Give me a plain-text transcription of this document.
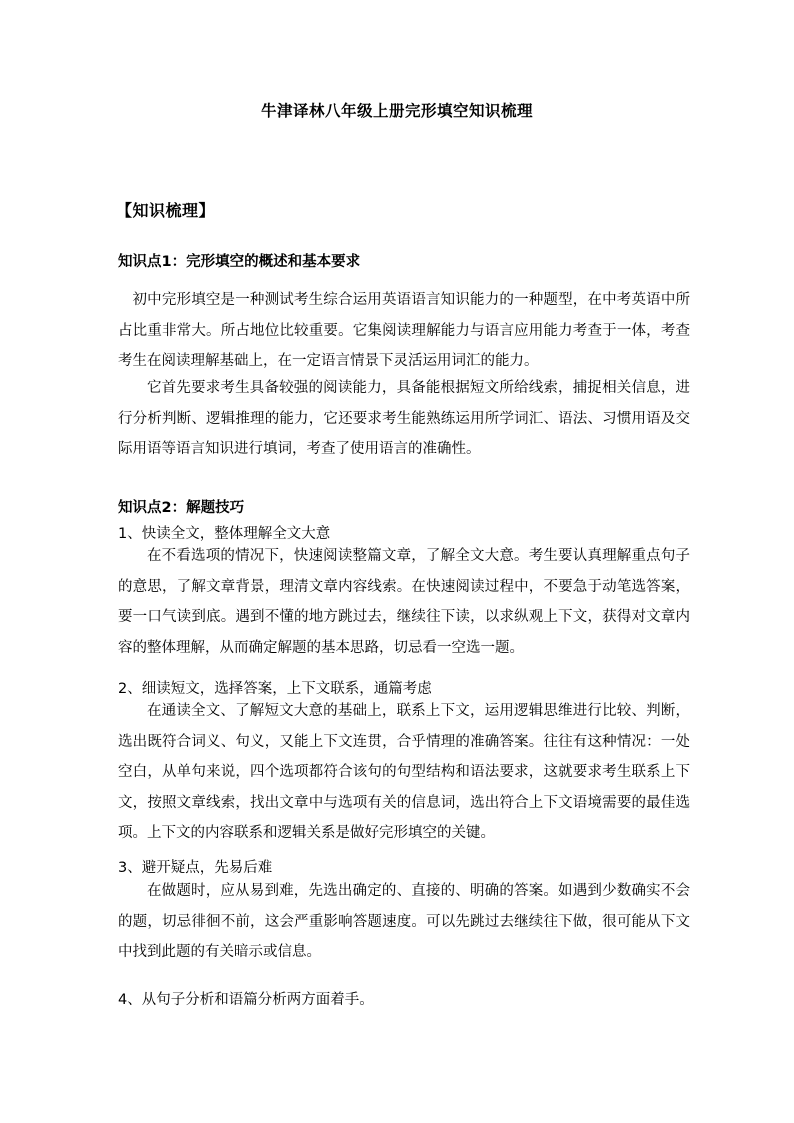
牛津译林八年级上册完形填空知识梳理
【知识梳理】
知识点1：完形填空的概述和基本要求

初中完形填空是一种测试考生综合运用英语语言知识能力的一种题型，在中考英语中所占比重非常大。所占地位比较重要。它集阅读理解能力与语言应用能力考查于一体，考查考生在阅读理解基础上，在一定语言情景下灵活运用词汇的能力。

它首先要求考生具备较强的阅读能力，具备能根据短文所给线索，捕捉相关信息，进行分析判断、逻辑推理的能力，它还要求考生能熟练运用所学词汇、语法、习惯用语及交际用语等语言知识进行填词，考查了使用语言的准确性。

知识点2：解题技巧

1、快读全文，整体理解全文大意

在不看选项的情况下，快速阅读整篇文章，了解全文大意。考生要认真理解重点句子的意思，了解文章背景，理清文章内容线索。在快速阅读过程中，不要急于动笔选答案，要一口气读到底。遇到不懂的地方跳过去，继续往下读，以求纵观上下文，获得对文章内容的整体理解，从而确定解题的基本思路，切忌看一空选一题。

2、细读短文，选择答案，上下文联系，通篇考虑

在通读全文、了解短文大意的基础上，联系上下文，运用逻辑思维进行比较、判断，选出既符合词义、句义，又能上下文连贯，合乎情理的准确答案。往往有这种情况：一处空白，从单句来说，四个选项都符合该句的句型结构和语法要求，这就要求考生联系上下文，按照文章线索，找出文章中与选项有关的信息词，选出符合上下文语境需要的最佳选项。上下文的内容联系和逻辑关系是做好完形填空的关键。

3、避开疑点，先易后难

在做题时，应从易到难，先选出确定的、直接的、明确的答案。如遇到少数确实不会的题，切忌徘徊不前，这会严重影响答题速度。可以先跳过去继续往下做，很可能从下文中找到此题的有关暗示或信息。

4、从句子分析和语篇分析两方面着手。
